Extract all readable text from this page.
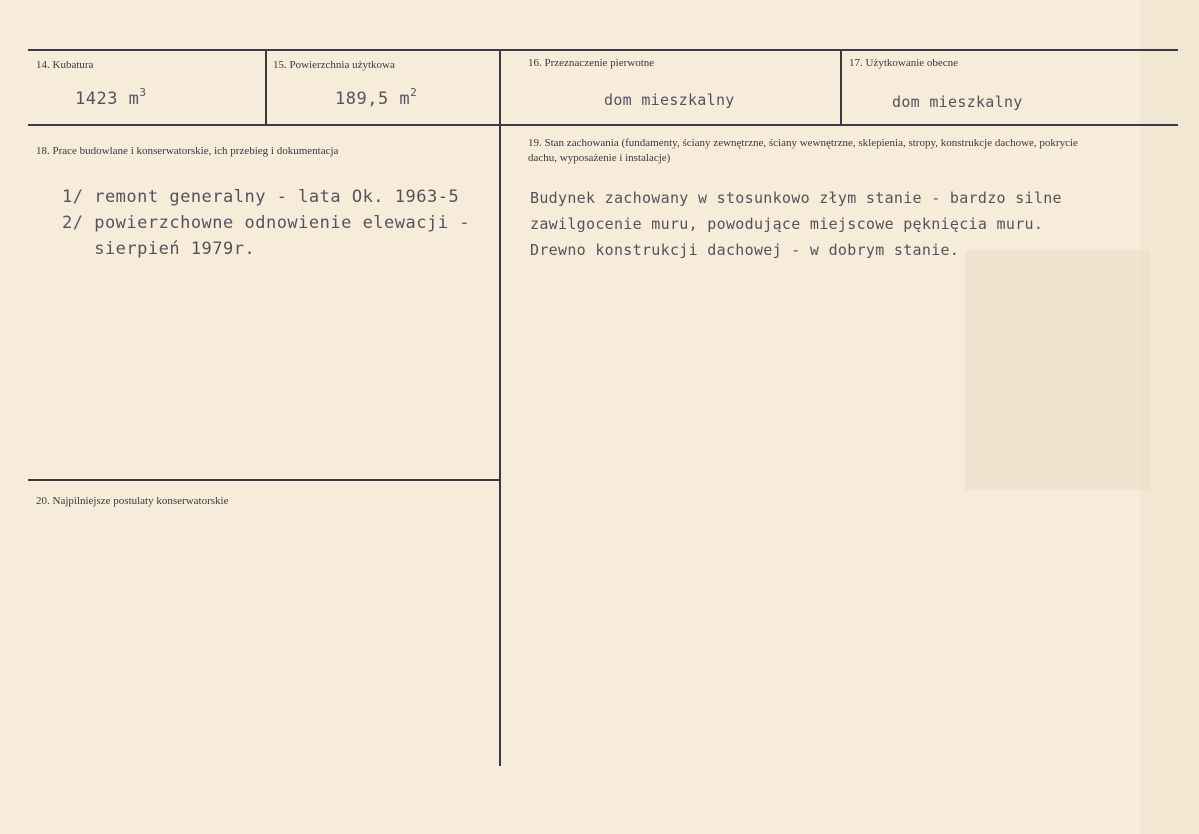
14. Kubatura
1423 $m^3$
15. Powierzchnia użytkowa
189,5 $m^2$
16. Przeznaczenie pierwotne
dom mieszkalny
17. Użytkowanie obecne
dom mieszkalny
18. Prace budowlane i konserwatorskie, ich przebieg i dokumentacja
1/ remont generalny - lata Ok. 1963-5
2/ powierzchowne odnowienie elewacji -
sierpień 1979r.
19. Stan zachowania (fundamenty, ściany zewnętrzne, ściany wewnętrzne, sklepienia, stropy, konstrukcje dachowe, pokrycie dachu, wyposażenie i instalacje)
Budynek zachowany w stosunkowo złym stanie - bardzo silne
zawilgocenie muru, powodujące miejscowe pęknięcia muru.
Drewno konstrukcji dachowej - w dobrym stanie.
20. Najpilniejsze postulaty konserwatorskie
